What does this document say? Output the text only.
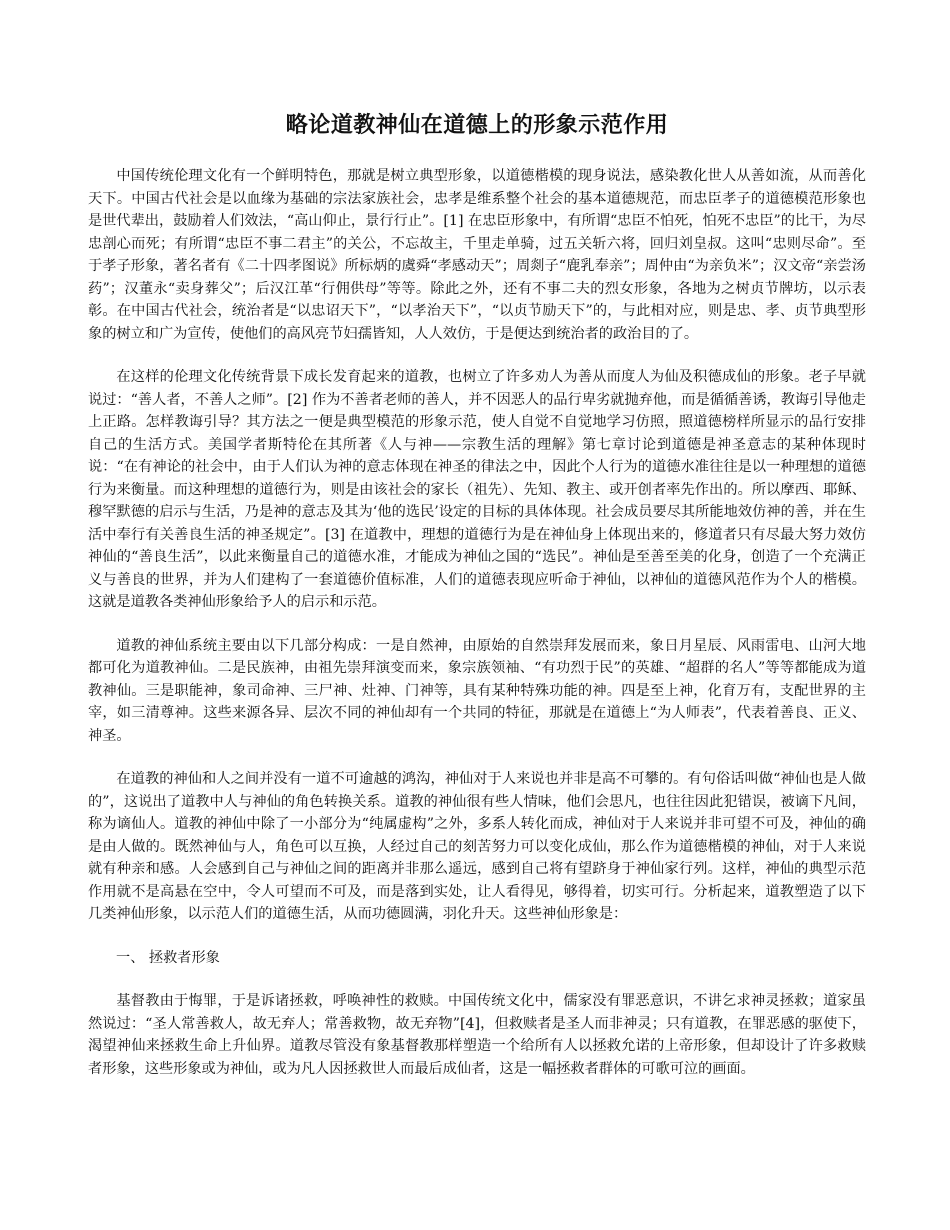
略论道教神仙在道德上的形象示范作用

中国传统伦理文化有一个鲜明特色，那就是树立典型形象，以道德楷模的现身说法，感染教化世人从善如流，从而善化天下。中国古代社会是以血缘为基础的宗法家族社会，忠孝是维系整个社会的基本道德规范，而忠臣孝子的道德模范形象也是世代辈出，鼓励着人们效法，“高山仰止，景行行止”。[1] 在忠臣形象中，有所谓“忠臣不怕死，怕死不忠臣”的比干，为尽忠剖心而死；有所谓“忠臣不事二君主”的关公，不忘故主，千里走单骑，过五关斩六将，回归刘皇叔。这叫“忠则尽命”。至于孝子形象，著名者有《二十四孝图说》所标炳的虞舜“孝感动天”；周剡子“鹿乳奉亲”；周仲由“为亲负米”；汉文帝“亲尝汤药”；汉董永“卖身葬父”；后汉江革“行佣供母”等等。除此之外，还有不事二夫的烈女形象，各地为之树贞节牌坊，以示表彰。在中国古代社会，统治者是“以忠诏天下”，“以孝治天下”，“以贞节励天下”的，与此相对应，则是忠、孝、贞节典型形象的树立和广为宣传，使他们的高风亮节妇孺皆知，人人效仿，于是便达到统治者的政治目的了。

在这样的伦理文化传统背景下成长发育起来的道教，也树立了许多劝人为善从而度人为仙及积德成仙的形象。老子早就说过：“善人者，不善人之师”。[2] 作为不善者老师的善人，并不因恶人的品行卑劣就抛弃他，而是循循善诱，教诲引导他走上正路。怎样教诲引导？其方法之一便是典型模范的形象示范，使人自觉不自觉地学习仿照，照道德榜样所显示的品行安排自己的生活方式。美国学者斯特伦在其所著《人与神——宗教生活的理解》第七章讨论到道德是神圣意志的某种体现时说：“在有神论的社会中，由于人们认为神的意志体现在神圣的律法之中，因此个人行为的道德水准往往是以一种理想的道德行为来衡量。而这种理想的道德行为，则是由该社会的家长（祖先）、先知、教主、或开创者率先作出的。所以摩西、耶稣、穆罕默德的启示与生活，乃是神的意志及其为‘他的选民’设定的目标的具体体现。社会成员要尽其所能地效仿神的善，并在生活中奉行有关善良生活的神圣规定”。[3] 在道教中，理想的道德行为是在神仙身上体现出来的，修道者只有尽最大努力效仿神仙的“善良生活”，以此来衡量自己的道德水准，才能成为神仙之国的“选民”。神仙是至善至美的化身，创造了一个充满正义与善良的世界，并为人们建构了一套道德价值标准，人们的道德表现应听命于神仙，以神仙的道德风范作为个人的楷模。这就是道教各类神仙形象给予人的启示和示范。

道教的神仙系统主要由以下几部分构成：一是自然神，由原始的自然崇拜发展而来，象日月星辰、风雨雷电、山河大地都可化为道教神仙。二是民族神，由祖先崇拜演变而来，象宗族领袖、“有功烈于民”的英雄、“超群的名人”等等都能成为道教神仙。三是职能神，象司命神、三尸神、灶神、门神等，具有某种特殊功能的神。四是至上神，化育万有，支配世界的主宰，如三清尊神。这些来源各异、层次不同的神仙却有一个共同的特征，那就是在道德上“为人师表”，代表着善良、正义、神圣。

在道教的神仙和人之间并没有一道不可逾越的鸿沟，神仙对于人来说也并非是高不可攀的。有句俗话叫做“神仙也是人做的”，这说出了道教中人与神仙的角色转换关系。道教的神仙很有些人情味，他们会思凡，也往往因此犯错误，被谪下凡间，称为谪仙人。道教的神仙中除了一小部分为“纯属虚构”之外，多系人转化而成，神仙对于人来说并非可望不可及，神仙的确是由人做的。既然神仙与人，角色可以互换，人经过自己的刻苦努力可以变化成仙，那么作为道德楷模的神仙，对于人来说就有种亲和感。人会感到自己与神仙之间的距离并非那么遥远，感到自己将有望跻身于神仙家行列。这样，神仙的典型示范作用就不是高悬在空中，令人可望而不可及，而是落到实处，让人看得见，够得着，切实可行。分析起来，道教塑造了以下几类神仙形象，以示范人们的道德生活，从而功德圆满，羽化升天。这些神仙形象是：

一、 拯救者形象

基督教由于悔罪，于是诉诸拯救，呼唤神性的救赎。中国传统文化中，儒家没有罪恶意识，不讲乞求神灵拯救；道家虽然说过：“圣人常善救人，故无弃人；常善救物，故无弃物”[4]，但救赎者是圣人而非神灵；只有道教，在罪恶感的驱使下，渴望神仙来拯救生命上升仙界。道教尽管没有象基督教那样塑造一个给所有人以拯救允诺的上帝形象，但却设计了许多救赎者形象，这些形象或为神仙，或为凡人因拯救世人而最后成仙者，这是一幅拯救者群体的可歌可泣的画面。
